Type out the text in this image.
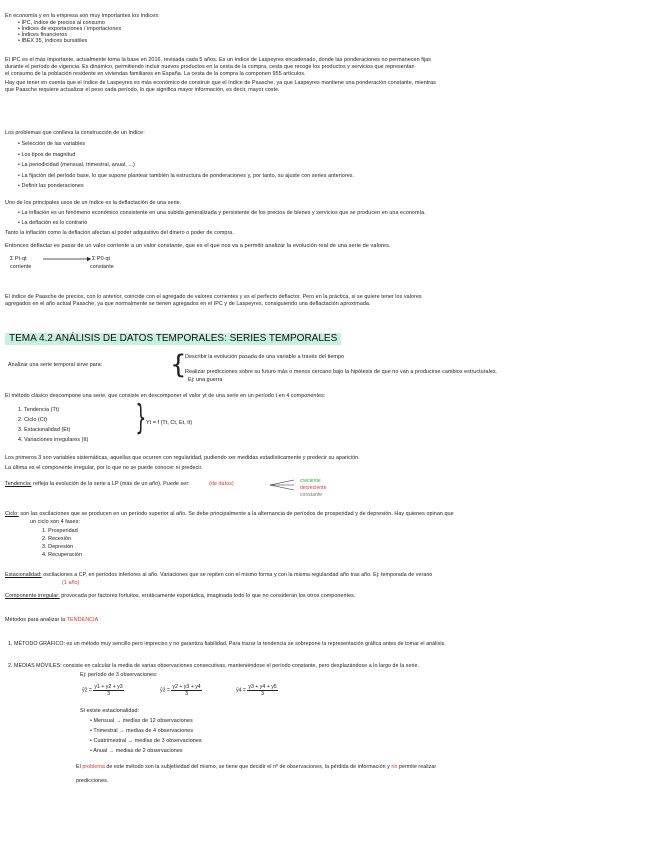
En economía y en la empresa son muy importantes los índices:
• IPC, índice de precios al consumo
• Índices de exportaciones / importaciones
• Índices financieros
• IBEX 35, índices bursátiles
El IPC es el más importante, actualmente toma la base en 2016, revisada cada 5 años. Es un índice de Laspeyres encadenado, donde las ponderaciones no permanecen fijas
durante el período de vigencia. Es dinámico, permitiendo incluir nuevos productos en la cesta de la compra, cesta que recoge los productos y servicios que representan
el consumo de la población residente en viviendas familiares en España. La cesta de la compra la componen 955 artículos.
Hay que tener en cuenta que el índice de Laspeyres es más económico de construir que el índice de Paasche, ya que Laspeyres mantiene una ponderación constante, mientras
que Paasche requiere actualizar el peso cada período, lo que significa mayor información, es decir, mayor coste.
Los problemas que conlleva la construcción de un índice:
• Selección de las variables
• Los tipos de magnitud
• La periodicidad (mensual, trimestral, anual, ...)
• La fijación del período base, lo que supone plantear también la estructura de ponderaciones y, por tanto, su ajuste con series anteriores.
• Definir las ponderaciones
Uno de los principales usos de un índice es la deflactación de una serie.
• La inflación es un fenómeno económico consistente en una subida generalizada y persistente de los precios de bienes y servicios que se producen en una economía.
• La deflación es lo contrario
Tanto la inflación como la deflación afectan al poder adquisitivo del dinero o poder de compra.
Entonces deflactar es pasar de un valor corriente a un valor constante, que es el que nos va a permitir analizar la evolución real de una serie de valores.
Σ Pt·qt	Σ P0·qt
corriente	constante
El índice de Paasche de precios, con lo anterior, coincide con el agregado de valores corrientes y es el perfecto deflactor. Pero en la práctica, si se quiere tener los valores
agregados en el año actual Paasche, ya que normalmente se tienen agregados en el IPC y de Laspeyres, consiguiendo una deflactación aproximada.
TEMA 4.2 ANÁLISIS DE DATOS TEMPORALES: SERIES TEMPORALES
Analizar una serie temporal sirve para:	{
Describir la evolución pasada de una variable a través del tiempo
Realizar predicciones sobre su futuro más o menos cercano bajo la hipótesis de que no van a producirse cambios estructurales.
Ej: una guerra
El método clásico descompone una serie, que consiste en descomponer el valor yt de una serie en un período t en 4 componentes:
1. Tendencia (Tt)
2. Ciclo (Ct)
3. Estacionalidad (Et)
4. Variaciones irregulares (It)
{ Yt = f (Tt, Ct, Et, It)
Los primeros 3 son variables sistemáticas, aquellas que ocurren con regularidad, pudiendo ser medidas estadísticamente y predecir su aparición.
La última es el componente irregular, por lo que no se puede conocer ni predecir.
Tendencia: refleja la evolución de la serie a LP (más de un año). Puede ser:	(de datos)	creciente
decreciente
constante
Ciclo: son las oscilaciones que se producen en un período superior al año. Se debe principalmente a la alternancia de períodos de prosperidad y de depresión. Hay quienes opinan que
un ciclo son 4 fases:
1. Prosperidad
2. Recesión
3. Depresión
4. Recuperación
Estacionalidad: oscilaciones a CP, en períodos inferiores al año. Variaciones que se repiten con el mismo forma y con la misma regularidad año tras año. Ej: temporada de verano
(1 año)
Componente irregular: provocada por factores fortuitos, erráticamente esporádica, imaginada todo lo que no consideran los otros componentes.
Métodos para analizar la TENDENCIA
1. MÉTODO GRÁFICO: es un método muy sencillo pero impreciso y no garantiza fiabilidad. Para trazar la tendencia se sobrepone la representación gráfica antes de tomar el análisis.
2. MEDIAS MÓVILES: consiste en calcular la media de varias observaciones consecutivas, manteniéndose el período constante, pero desplazándose a lo largo de la serie.
Ej: período de 3 observaciones:
ȳ2 = $\frac{y1 + y2 + y3}{3}$	ȳ3 = $\frac{y2 + y3 + y4}{3}$	ȳ4 = $\frac{y3 + y4 + y5}{3}$
Si existe estacionalidad:
• Mensual → medias de 12 observaciones
• Trimestral → medias de 4 observaciones
• Cuatrimestral → medias de 3 observaciones
• Anual → medias de 2 observaciones
El problema de este método son la subjetividad del mismo, se tiene que decidir el nº de observaciones, la pérdida de información y no permite realizar
predicciones.
